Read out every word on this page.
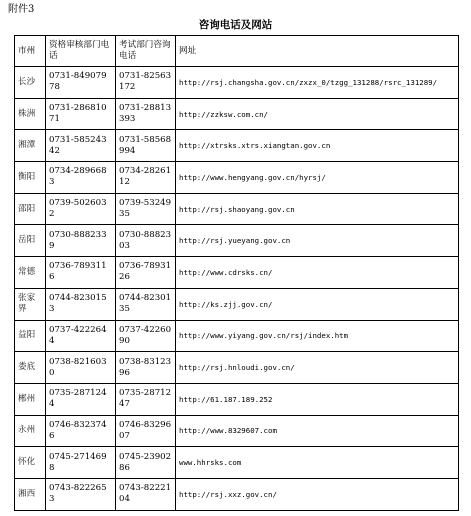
附件3
咨询电话及网站
市州	资格审核部门电话	考试部门咨询电话	网址
长沙	0731-84907978	0731-82563172	http://rsj.changsha.gov.cn/zxzx_0/tzgg_131288/rsrc_131289/
株洲	0731-28681071	0731-28813393	http://zzksw.com.cn/
湘潭	0731-58524342	0731-58568994	http://xtrsks.xtrs.xiangtan.gov.cn
衡阳	0734-2896683	0734-2826112	http://www.hengyang.gov.cn/hyrsj/
邵阳	0739-5026032	0739-5324935	http://rsj.shaoyang.gov.cn
岳阳	0730-8882339	0730-8882303	http://rsj.yueyang.gov.cn
常德	0736-7893116	0736-7893126	http://www.cdrsks.cn/
张家界	0744-8230153	0744-8230135	http://ks.zjj.gov.cn/
益阳	0737-4222644	0737-4226090	http://www.yiyang.gov.cn/rsj/index.htm
娄底	0738-8216030	0738-8312396	http://rsj.hnloudi.gov.cn/
郴州	0735-2871244	0735-2871247	http://61.187.189.252
永州	0746-8323746	0746-8329607	http://www.8329607.com
怀化	0745-2714698	0745-2390286	www.hhrsks.com
湘西	0743-8222653	0743-8222104	http://rsj.xxz.gov.cn/
